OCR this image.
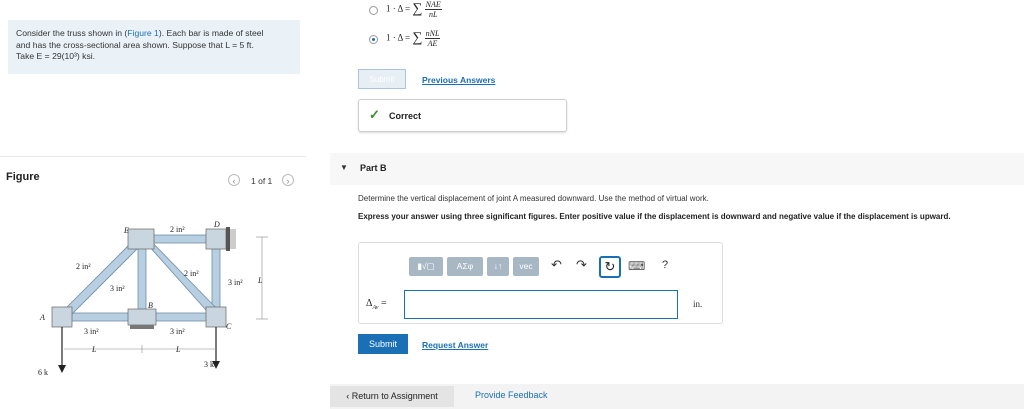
Consider the truss shown in (Figure 1). Each bar is made of steel
and has the cross-sectional area shown. Suppose that L = 5 ft.
Take E = 29(10³) ksi.
Figure	‹	1 of 1	›
E
D
A
B
C
2 in²
2 in²
2 in²
3 in²
3 in²
3 in²	3 in²
L	L
L
6 k
3 k
1 · Δ = ∑ $\frac{\text{NAE}}{nL}$
1 · Δ = ∑ $\frac{\text{nNL}}{AE}$
Submit	Previous Answers
✓ Correct
▼ Part B
Determine the vertical displacement of joint A measured downward. Use the method of virtual work.
Express your answer using three significant figures. Enter positive value if the displacement is downward and negative value if the displacement is upward.
▮√▢	ΑΣφ	↓↑	vec	↶ ↷	↻	⌨ ?
$\Delta_{Av}$ =	in.
Submit	Request Answer
‹ Return to Assignment	Provide Feedback
